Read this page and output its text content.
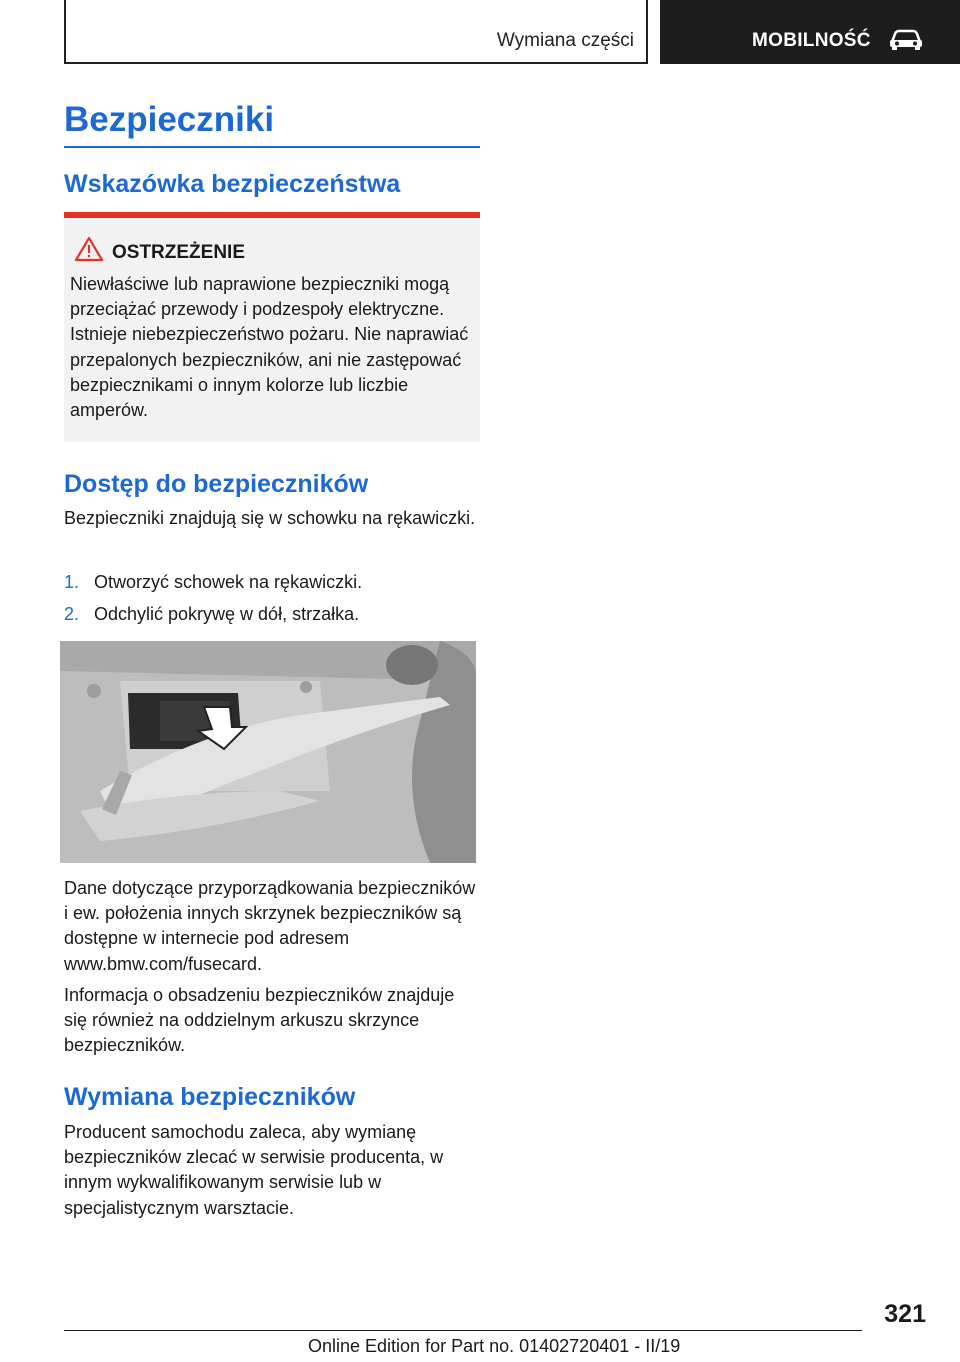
Wymiana części	MOBILNOŚĆ
Bezpieczniki
Wskazówka bezpieczeństwa
OSTRZEŻENIE
Niewłaściwe lub naprawione bezpieczniki mogą przeciążać przewody i podzespoły elektryczne. Istnieje niebezpieczeństwo pożaru. Nie naprawiać przepalonych bezpieczników, ani nie zastępować bezpiecznikami o innym kolorze lub liczbie amperów.
Dostęp do bezpieczników
Bezpieczniki znajdują się w schowku na rękawiczki.
1. Otworzyć schowek na rękawiczki.
2. Odchylić pokrywę w dół, strzałka.
Dane dotyczące przyporządkowania bezpieczników i ew. położenia innych skrzynek bezpieczników są dostępne w internecie pod adresem www.bmw.com/fusecard.
Informacja o obsadzeniu bezpieczników znajduje się również na oddzielnym arkuszu skrzynce bezpieczników.
Wymiana bezpieczników
Producent samochodu zaleca, aby wymianę bezpieczników zlecać w serwisie producenta, w innym wykwalifikowanym serwisie lub w specjalistycznym warsztacie.
321
Online Edition for Part no. 01402720401 - II/19
